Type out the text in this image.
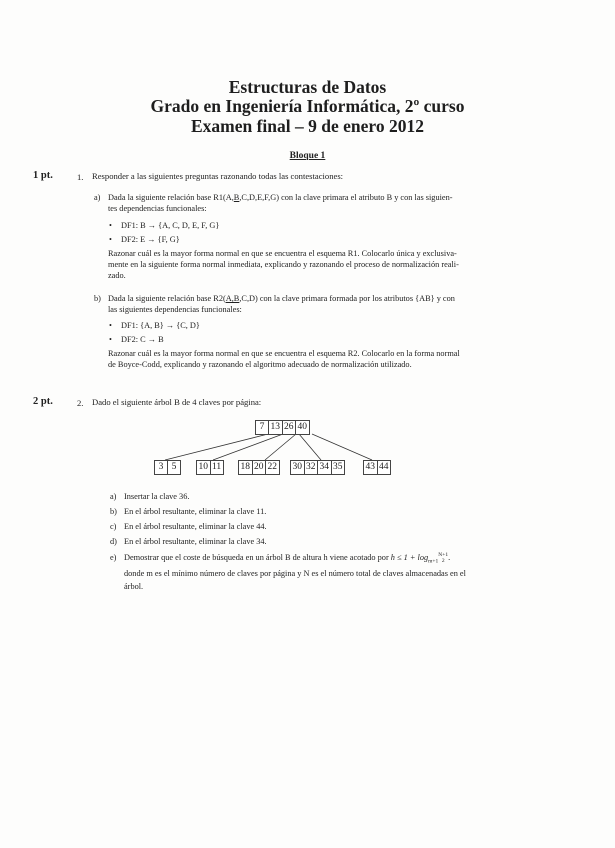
Estructuras de Datos
Grado en Ingeniería Informática, 2º curso
Examen final – 9 de enero 2012
Bloque 1
1 pt.	1. Responder a las siguientes preguntas razonando todas las contestaciones:
a) Dada la siguiente relación base R1(A,B,C,D,E,F,G) con la clave primara el atributo B y con las siguien-
tes dependencias funcionales:
• DF1: B → {A, C, D, E, F, G}
• DF2: E → {F, G}
Razonar cuál es la mayor forma normal en que se encuentra el esquema R1. Colocarlo única y exclusiva-
mente en la siguiente forma normal inmediata, explicando y razonando el proceso de normalización reali-
zado.
b) Dada la siguiente relación base R2(A,B,C,D) con la clave primara formada por los atributos {AB} y con
las siguientes dependencias funcionales:
• DF1: {A, B} → {C, D}
• DF2: C → B
Razonar cuál es la mayor forma normal en que se encuentra el esquema R2. Colocarlo en la forma normal
de Boyce-Codd, explicando y razonando el algoritmo adecuado de normalización utilizado.
2 pt.	2. Dado el siguiente árbol B de 4 claves por página:
7 13 26 40
3 5	10 11 18 20 22 30 32 34 35 43 44
a) Insertar la clave 36.
b) En el árbol resultante, eliminar la clave 11.
c) En el árbol resultante, eliminar la clave 44.
d) En el árbol resultante, eliminar la clave 34.
e) Demostrar que el coste de búsqueda en un árbol B de altura h viene acotado por $h \le 1 + \log_{m+1}$
N+1
2 .
donde m es el mínimo número de claves por página y N es el número total de claves almacenadas en el
árbol.
